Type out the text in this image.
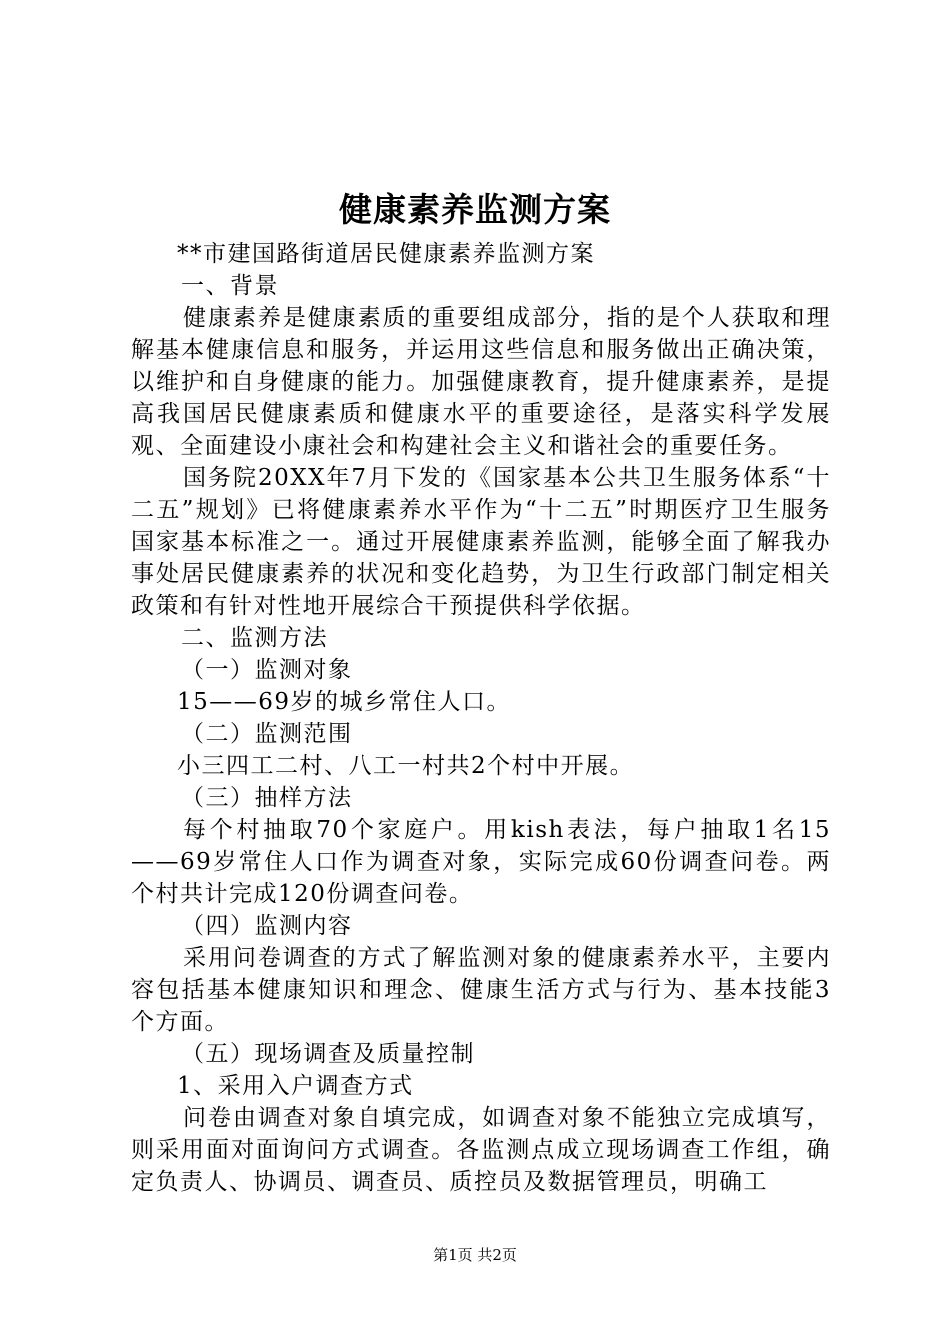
健康素养监测方案

**市建国路街道居民健康素养监测方案

一、背景

健康素养是健康素质的重要组成部分，指的是个人获取和理解基本健康信息和服务，并运用这些信息和服务做出正确决策，以维护和自身健康的能力。加强健康教育，提升健康素养，是提高我国居民健康素质和健康水平的重要途径，是落实科学发展观、全面建设小康社会和构建社会主义和谐社会的重要任务。

国务院20XX年7月下发的《国家基本公共卫生服务体系“十二五”规划》已将健康素养水平作为“十二五”时期医疗卫生服务国家基本标准之一。通过开展健康素养监测，能够全面了解我办事处居民健康素养的状况和变化趋势，为卫生行政部门制定相关政策和有针对性地开展综合干预提供科学依据。

二、监测方法

（一）监测对象

15——69岁的城乡常住人口。

（二）监测范围

小三四工二村、八工一村共2个村中开展。

（三）抽样方法

每个村抽取70个家庭户。用kish表法，每户抽取1名15——69岁常住人口作为调查对象，实际完成60份调查问卷。两个村共计完成120份调查问卷。

（四）监测内容

采用问卷调查的方式了解监测对象的健康素养水平，主要内容包括基本健康知识和理念、健康生活方式与行为、基本技能3个方面。

（五）现场调查及质量控制

1、采用入户调查方式

问卷由调查对象自填完成，如调查对象不能独立完成填写，则采用面对面询问方式调查。各监测点成立现场调查工作组，确定负责人、协调员、调查员、质控员及数据管理员，明确工

第1页 共2页
